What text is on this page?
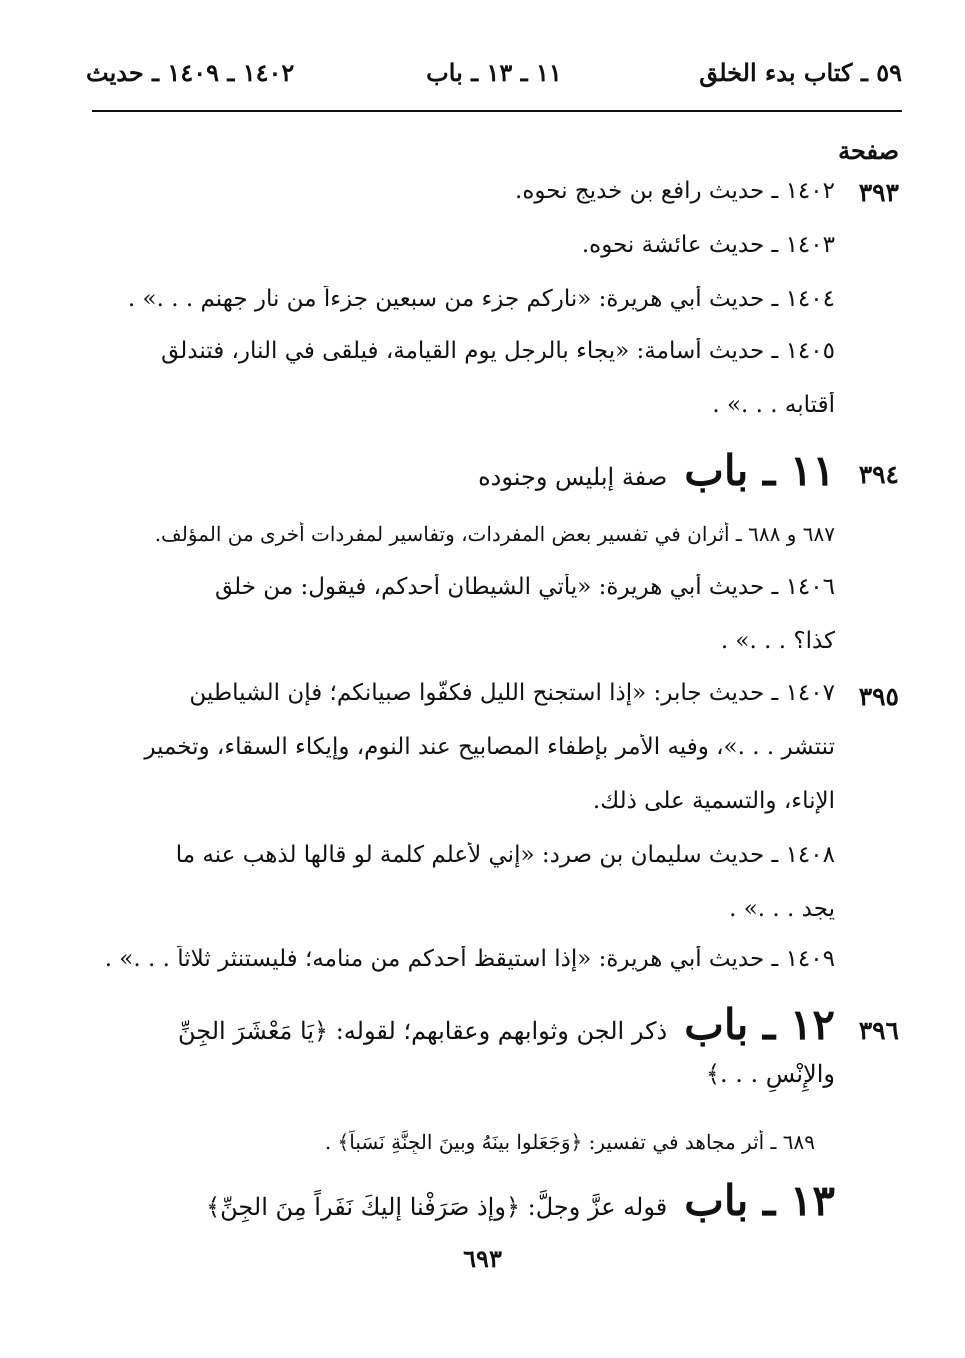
٥٩ ـ كتاب بدء الخلق
١١ ـ ١٣ ـ باب
١٤٠٢ ـ ١٤٠٩ ـ حديث
صفحة
٣٩٣
١٤٠٢ ـ حديث رافع بن خديج نحوه.
١٤٠٣ ـ حديث عائشة نحوه.
١٤٠٤ ـ حديث أبي هريرة: «ناركم جزء من سبعين جزءاً من نار جهنم . . .» .
١٤٠٥ ـ حديث أسامة: «يجاء بالرجل يوم القيامة، فيلقى في النار، فتندلق
أقتابه . . .» .
٣٩٤
١١ ـ باب صفة إبليس وجنوده
٦٨٧ و ٦٨٨ ـ أثران في تفسير بعض المفردات، وتفاسير لمفردات أخرى من المؤلف.
١٤٠٦ ـ حديث أبي هريرة: «يأتي الشيطان أحدكم، فيقول: من خلق
كذا؟ . . .» .
٣٩٥
١٤٠٧ ـ حديث جابر: «إذا استجنح الليل فكفُّوا صبيانكم؛ فإن الشياطين
تنتشر . . .»، وفيه الأمر بإطفاء المصابيح عند النوم، وإيكاء السقاء، وتخمير
الإناء، والتسمية على ذلك.
١٤٠٨ ـ حديث سليمان بن صرد: «إني لأعلم كلمة لو قالها لذهب عنه ما
يجد . . .» .
١٤٠٩ ـ حديث أبي هريرة: «إذا استيقظ أحدكم من منامه؛ فليستنثر ثلاثاً . . .» .
٣٩٦
١٢ ـ باب ذكر الجن وثوابهم وعقابهم؛ لقوله: ﴿يَا مَعْشَرَ الجِنِّ
والإِنْسِ . . .﴾
٦٨٩ ـ أثر مجاهد في تفسير: ﴿وَجَعَلوا بينَهُ وبينَ الجِنَّةِ نَسَباً﴾ .
١٣ ـ باب قوله عزَّ وجلَّ: ﴿وإذ صَرَفْنا إليكَ نَفَراً مِنَ الجِنِّ﴾
٦٩٣
